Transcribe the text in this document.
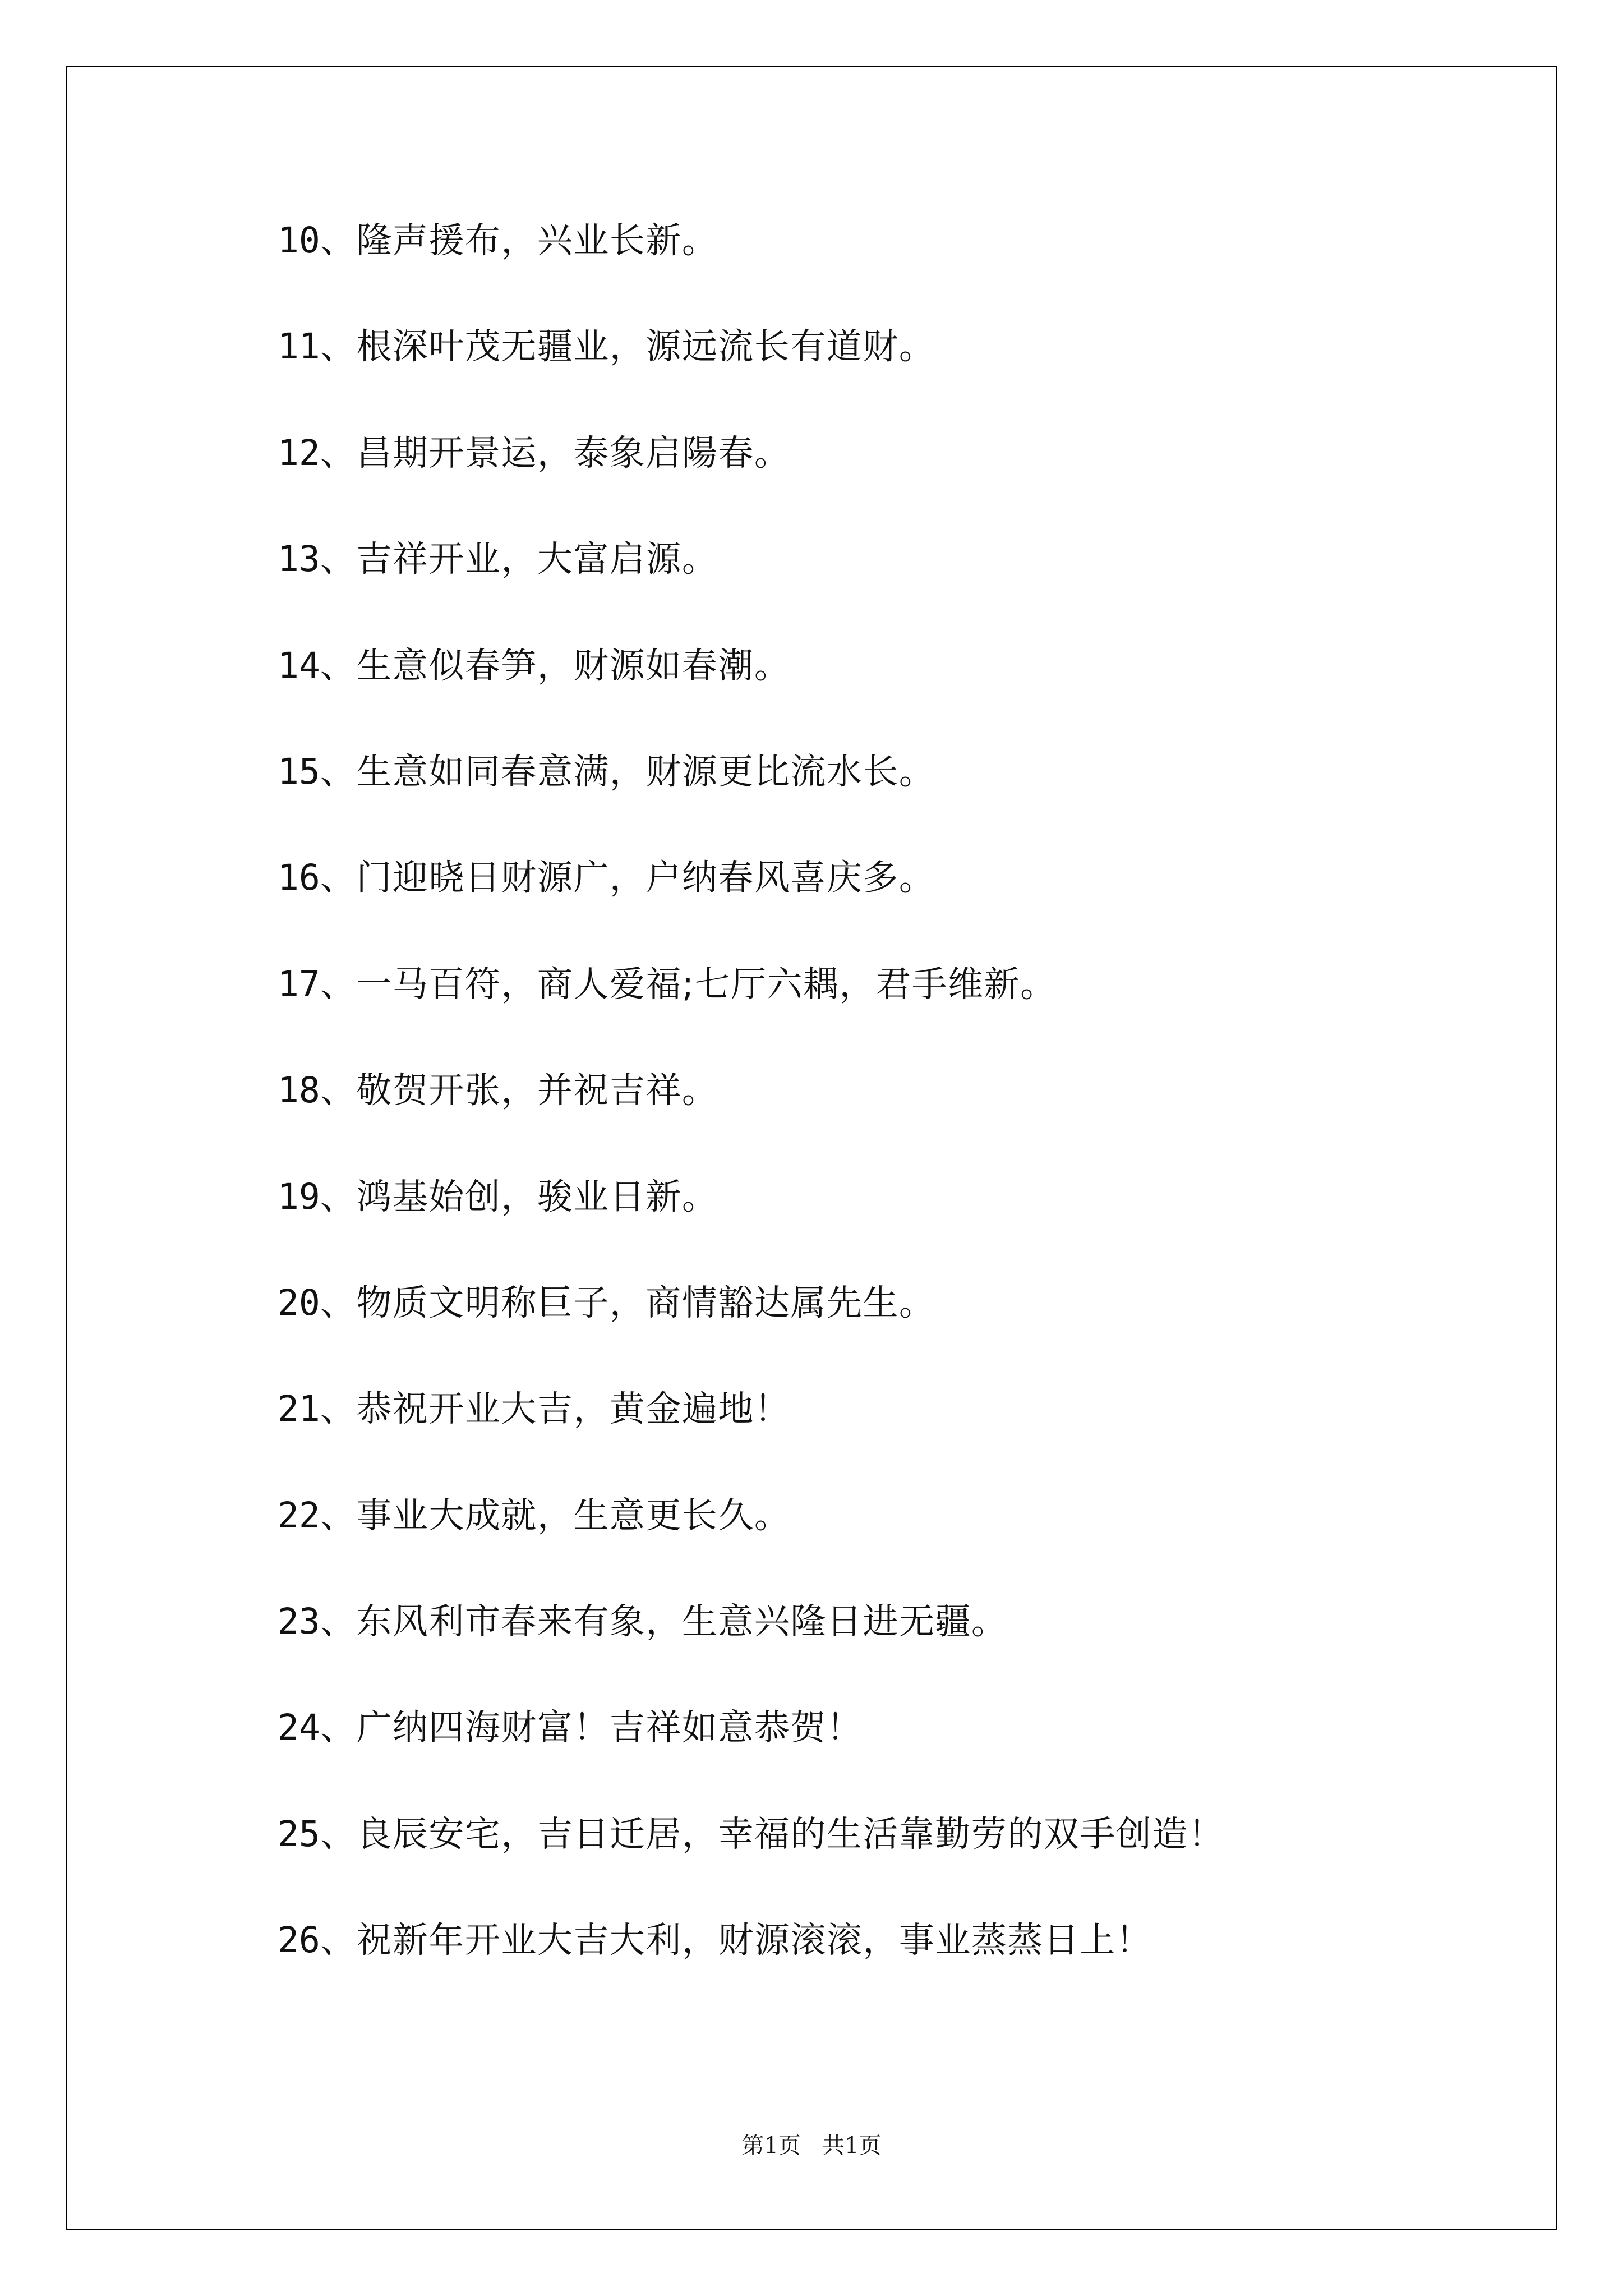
10、隆声援布，兴业长新。
11、根深叶茂无疆业，源远流长有道财。
12、昌期开景运，泰象启陽春。
13、吉祥开业，大富启源。
14、生意似春笋，财源如春潮。
15、生意如同春意满，财源更比流水长。
16、门迎晓日财源广，户纳春风喜庆多。
17、一马百符，商人爱福;七厅六耦，君手维新。
18、敬贺开张，并祝吉祥。
19、鸿基始创，骏业日新。
20、物质文明称巨子，商情豁达属先生。
21、恭祝开业大吉，黄金遍地！
22、事业大成就，生意更长久。
23、东风利市春来有象，生意兴隆日进无疆。
24、广纳四海财富！吉祥如意恭贺！
25、良辰安宅，吉日迁居，幸福的生活靠勤劳的双手创造！
26、祝新年开业大吉大利，财源滚滚，事业蒸蒸日上！
第1页   共1页
